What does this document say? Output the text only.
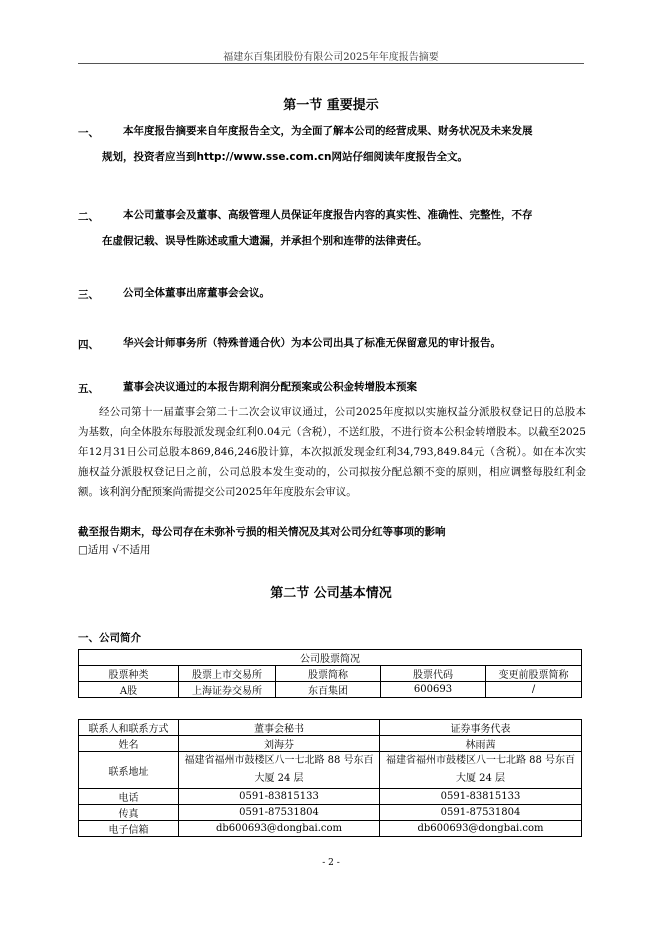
福建东百集团股份有限公司2025年年度报告摘要
第一节 重要提示
一、 本年度报告摘要来自年度报告全文，为全面了解本公司的经营成果、财务状况及未来发展
规划，投资者应当到http://www.sse.com.cn网站仔细阅读年度报告全文。
二、 本公司董事会及董事、高级管理人员保证年度报告内容的真实性、准确性、完整性，不存
在虚假记载、误导性陈述或重大遗漏，并承担个别和连带的法律责任。
三、 公司全体董事出席董事会会议。
四、 华兴会计师事务所（特殊普通合伙）为本公司出具了标准无保留意见的审计报告。
五、 董事会决议通过的本报告期利润分配预案或公积金转增股本预案
经公司第十一届董事会第二十二次会议审议通过，公司2025年度拟以实施权益分派股权登记日的总股本为基数，向全体股东每股派发现金红利0.04元（含税），不送红股，不进行资本公积金转增股本。以截至2025年12月31日公司总股本869,846,246股计算，本次拟派发现金红利34,793,849.84元（含税）。如在本次实施权益分派股权登记日之前，公司总股本发生变动的，公司拟按分配总额不变的原则，相应调整每股红利金额。该利润分配预案尚需提交公司2025年年度股东会审议。
截至报告期末，母公司存在未弥补亏损的相关情况及其对公司分红等事项的影响
□适用 √不适用
第二节 公司基本情况
一、公司简介
公司股票简况				
股票种类	股票上市交易所	股票简称	股票代码	变更前股票简称
A股	上海证券交易所	东百集团	600693	/
联系人和联系方式	董事会秘书	证券事务代表
姓名	刘海芬	林雨茜
联系地址	福建省福州市鼓楼区八一七北路 88 号东百大厦 24 层	福建省福州市鼓楼区八一七北路 88 号东百大厦 24 层
电话	0591-83815133	0591-83815133
传真	0591-87531804	0591-87531804
电子信箱	db600693@dongbai.com	db600693@dongbai.com
- 2 -
